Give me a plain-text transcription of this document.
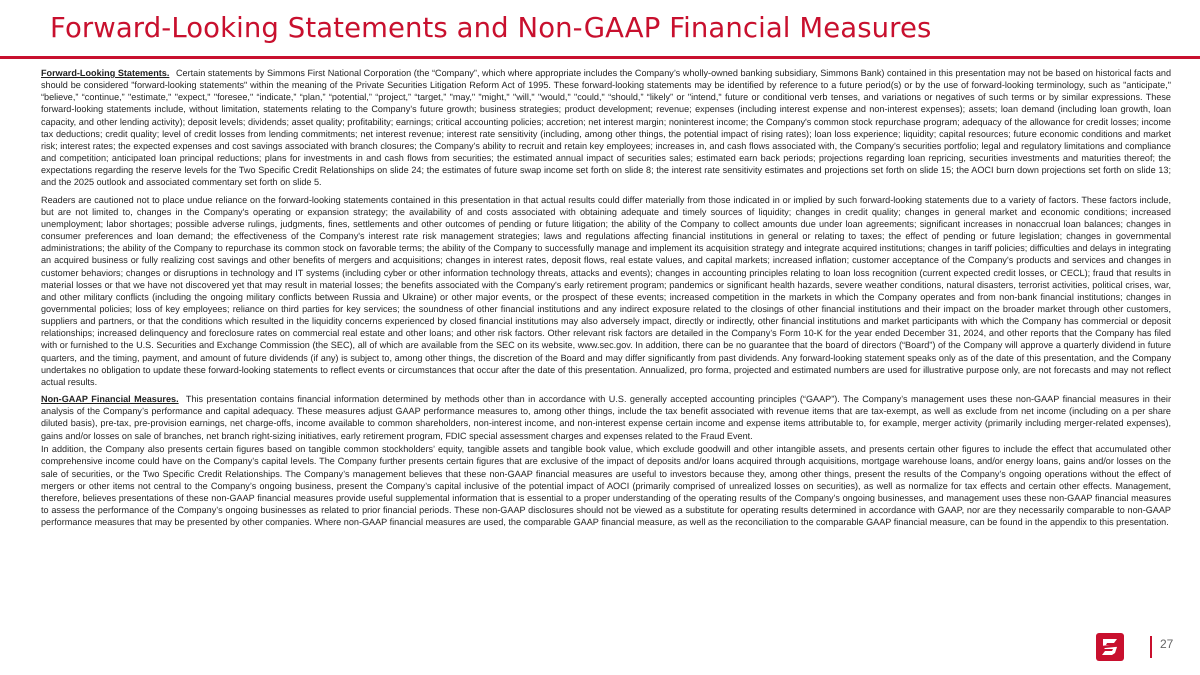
Forward-Looking Statements and Non-GAAP Financial Measures

Forward-Looking Statements. Certain statements by Simmons First National Corporation (the “Company”, which where appropriate includes the Company’s wholly-owned banking subsidiary, Simmons Bank) contained in this presentation may not be based on historical facts and should be considered "forward-looking statements" within the meaning of the Private Securities Litigation Reform Act of 1995. These forward-looking statements may be identified by reference to a future period(s) or by the use of forward-looking terminology, such as "anticipate," “believe,” “continue,” "estimate," "expect," "foresee," “indicate,” “plan,” “potential,” “project,” “target,” "may," "might," "will," "would," "could," “should,” “likely” or "intend," future or conditional verb tenses, and variations or negatives of such terms or by similar expressions. These forward-looking statements include, without limitation, statements relating to the Company’s future growth; business strategies; product development; revenue; expenses (including interest expense and non-interest expenses); assets; loan demand (including loan growth, loan capacity, and other lending activity); deposit levels; dividends; asset quality; profitability; earnings; critical accounting policies; accretion; net interest margin; noninterest income; the Company's common stock repurchase program; adequacy of the allowance for credit losses; income tax deductions; credit quality; level of credit losses from lending commitments; net interest revenue; interest rate sensitivity (including, among other things, the potential impact of rising rates); loan loss experience; liquidity; capital resources; future economic conditions and market risk; interest rates; the expected expenses and cost savings associated with branch closures; the Company’s ability to recruit and retain key employees; increases in, and cash flows associated with, the Company’s securities portfolio; legal and regulatory limitations and compliance and competition; anticipated loan principal reductions; plans for investments in and cash flows from securities; the estimated annual impact of securities sales; estimated earn back periods; projections regarding loan repricing, securities investments and maturities thereof; the expectations regarding the reserve levels for the Two Specific Credit Relationships on slide 24; the estimates of future swap income set forth on slide 8; the interest rate sensitivity estimates and projections set forth on slide 15; the AOCI burn down projections set forth on slide 13; and the 2025 outlook and associated commentary set forth on slide 5.

Readers are cautioned not to place undue reliance on the forward-looking statements contained in this presentation in that actual results could differ materially from those indicated in or implied by such forward-looking statements due to a variety of factors. These factors include, but are not limited to, changes in the Company's operating or expansion strategy; the availability of and costs associated with obtaining adequate and timely sources of liquidity; changes in credit quality; changes in general market and economic conditions; increased unemployment; labor shortages; possible adverse rulings, judgments, fines, settlements and other outcomes of pending or future litigation; the ability of the Company to collect amounts due under loan agreements; significant increases in nonaccrual loan balances; changes in consumer preferences and loan demand; the effectiveness of the Company's interest rate risk management strategies; laws and regulations affecting financial institutions in general or relating to taxes; the effect of pending or future legislation; changes in governmental administrations; the ability of the Company to repurchase its common stock on favorable terms; the ability of the Company to successfully manage and implement its acquisition strategy and integrate acquired institutions; changes in tariff policies; difficulties and delays in integrating an acquired business or fully realizing cost savings and other benefits of mergers and acquisitions; changes in interest rates, deposit flows, real estate values, and capital markets; increased inflation; customer acceptance of the Company's products and services and changes in customer behaviors; changes or disruptions in technology and IT systems (including cyber or other information technology threats, attacks and events); changes in accounting principles relating to loan loss recognition (current expected credit losses, or CECL); fraud that results in material losses or that we have not discovered yet that may result in material losses; the benefits associated with the Company's early retirement program; pandemics or significant health hazards, severe weather conditions, natural disasters, terrorist activities, political crises, war, and other military conflicts (including the ongoing military conflicts between Russia and Ukraine) or other major events, or the prospect of these events; increased competition in the markets in which the Company operates and from non-bank financial institutions; changes in governmental policies; loss of key employees; reliance on third parties for key services; the soundness of other financial institutions and any indirect exposure related to the closings of other financial institutions and their impact on the broader market through other customers, suppliers and partners, or that the conditions which resulted in the liquidity concerns experienced by closed financial institutions may also adversely impact, directly or indirectly, other financial institutions and market participants with which the Company has commercial or deposit relationships; increased delinquency and foreclosure rates on commercial real estate and other loans; and other risk factors. Other relevant risk factors are detailed in the Company’s Form 10-K for the year ended December 31, 2024, and other reports that the Company has filed with or furnished to the U.S. Securities and Exchange Commission (the SEC), all of which are available from the SEC on its website, www.sec.gov. In addition, there can be no guarantee that the board of directors (“Board”) of the Company will approve a quarterly dividend in future quarters, and the timing, payment, and amount of future dividends (if any) is subject to, among other things, the discretion of the Board and may differ significantly from past dividends. Any forward-looking statement speaks only as of the date of this presentation, and the Company undertakes no obligation to update these forward-looking statements to reflect events or circumstances that occur after the date of this presentation. Annualized, pro forma, projected and estimated numbers are used for illustrative purpose only, are not forecasts and may not reflect actual results.

Non-GAAP Financial Measures. This presentation contains financial information determined by methods other than in accordance with U.S. generally accepted accounting principles (“GAAP”). The Company’s management uses these non-GAAP financial measures in their analysis of the Company’s performance and capital adequacy. These measures adjust GAAP performance measures to, among other things, include the tax benefit associated with revenue items that are tax-exempt, as well as exclude from net income (including on a per share diluted basis), pre-tax, pre-provision earnings, net charge-offs, income available to common shareholders, non-interest income, and non-interest expense certain income and expense items attributable to, for example, merger activity (primarily including merger-related expenses), gains and/or losses on sale of branches, net branch right-sizing initiatives, early retirement program, FDIC special assessment charges and expenses related to the Fraud Event.

In addition, the Company also presents certain figures based on tangible common stockholders’ equity, tangible assets and tangible book value, which exclude goodwill and other intangible assets, and presents certain other figures to include the effect that accumulated other comprehensive income could have on the Company’s capital levels. The Company further presents certain figures that are exclusive of the impact of deposits and/or loans acquired through acquisitions, mortgage warehouse loans, and/or energy loans, gains and/or losses on the sale of securities, or the Two Specific Credit Relationships. The Company’s management believes that these non-GAAP financial measures are useful to investors because they, among other things, present the results of the Company’s ongoing operations without the effect of mergers or other items not central to the Company’s ongoing business, present the Company’s capital inclusive of the potential impact of AOCI (primarily comprised of unrealized losses on securities), as well as normalize for tax effects and certain other effects. Management, therefore, believes presentations of these non-GAAP financial measures provide useful supplemental information that is essential to a proper understanding of the operating results of the Company’s ongoing businesses, and management uses these non-GAAP financial measures to assess the performance of the Company’s ongoing businesses as related to prior financial periods. These non-GAAP disclosures should not be viewed as a substitute for operating results determined in accordance with GAAP, nor are they necessarily comparable to non-GAAP performance measures that may be presented by other companies. Where non-GAAP financial measures are used, the comparable GAAP financial measure, as well as the reconciliation to the comparable GAAP financial measure, can be found in the appendix to this presentation.

27
